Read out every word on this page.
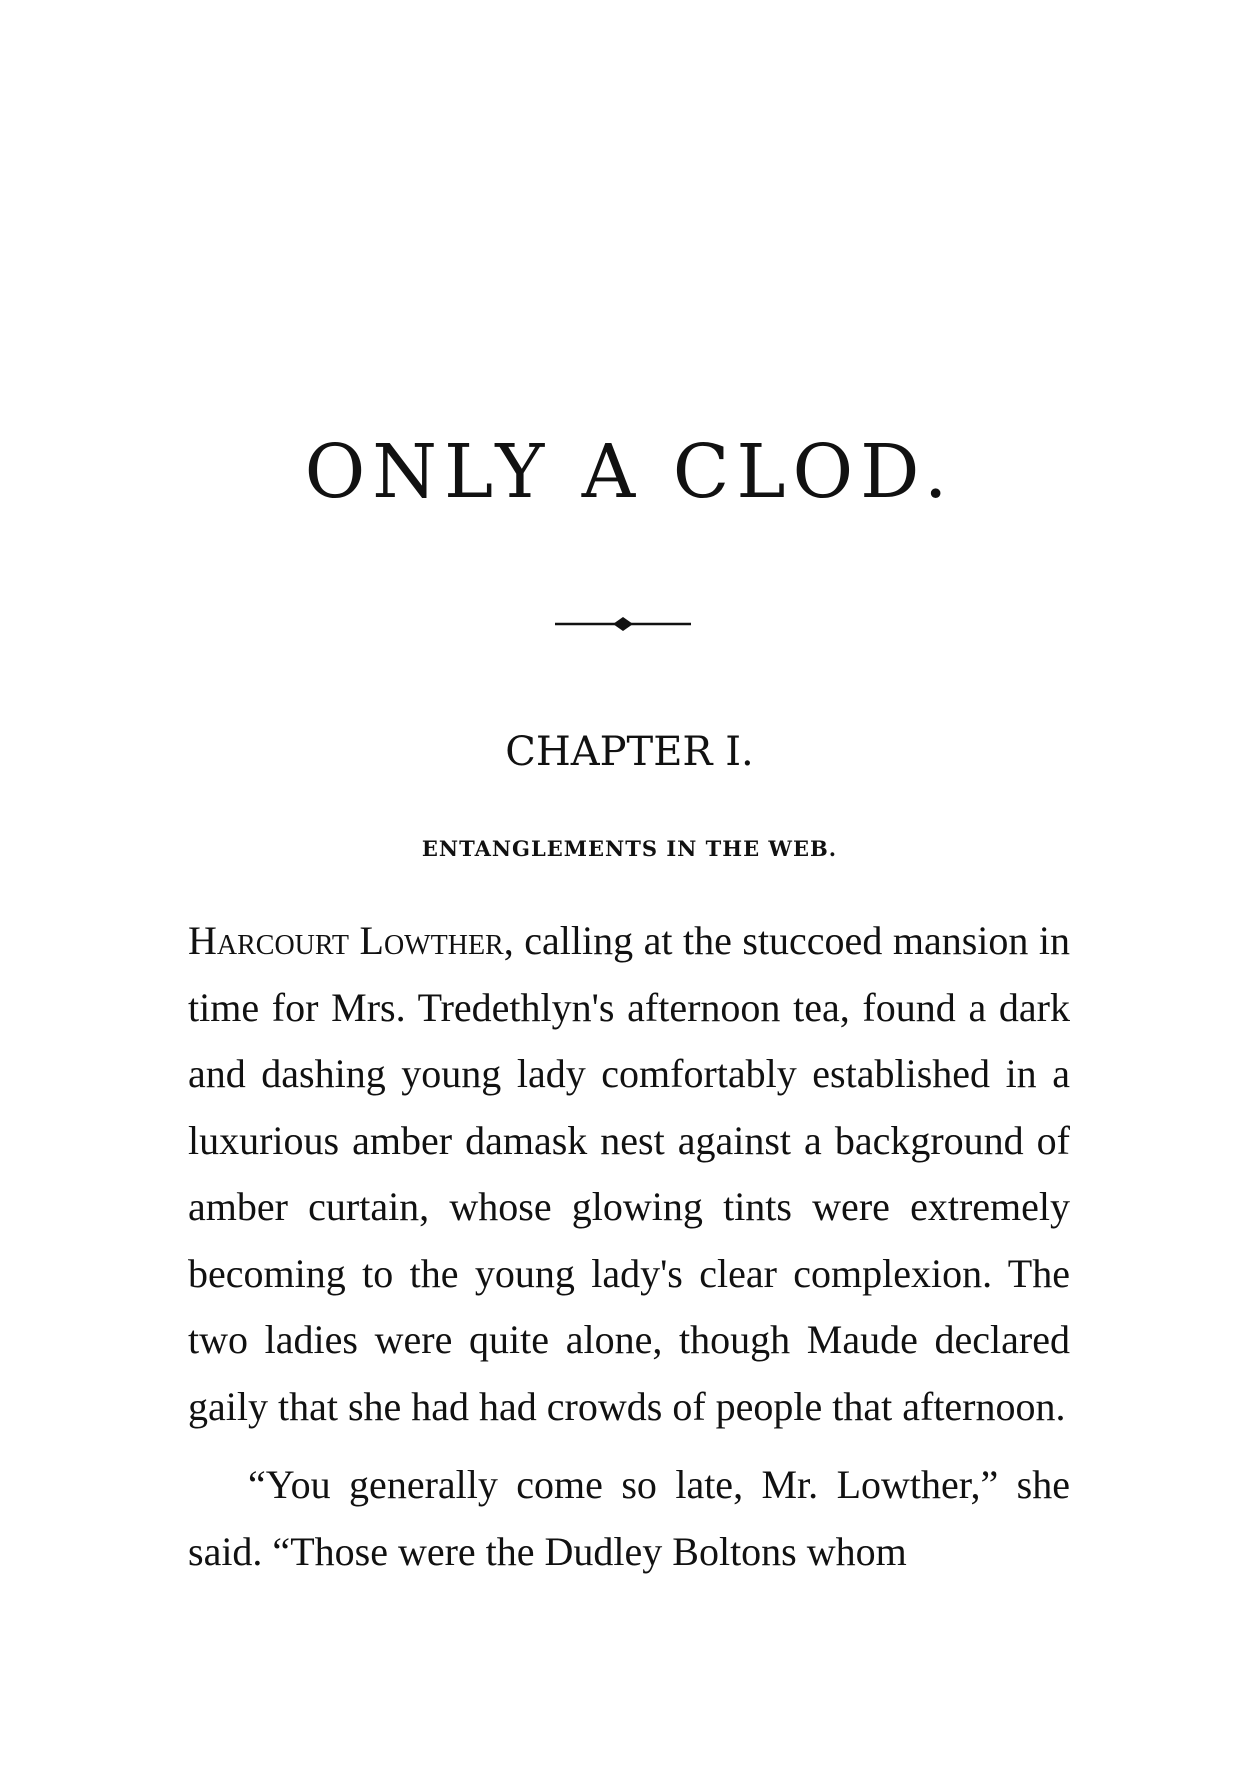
ONLY A CLOD.
CHAPTER I.
ENTANGLEMENTS IN THE WEB.

Harcourt Lowther, calling at the stuccoed mansion in time for Mrs. Tredethlyn's afternoon tea, found a dark and dashing young lady comfortably established in a luxurious amber damask nest against a background of amber curtain, whose glowing tints were extremely becoming to the young lady's clear complexion. The two ladies were quite alone, though Maude declared gaily that she had had crowds of people that afternoon.

“You generally come so late, Mr. Lowther,” she said. “Those were the Dudley Boltons whom
